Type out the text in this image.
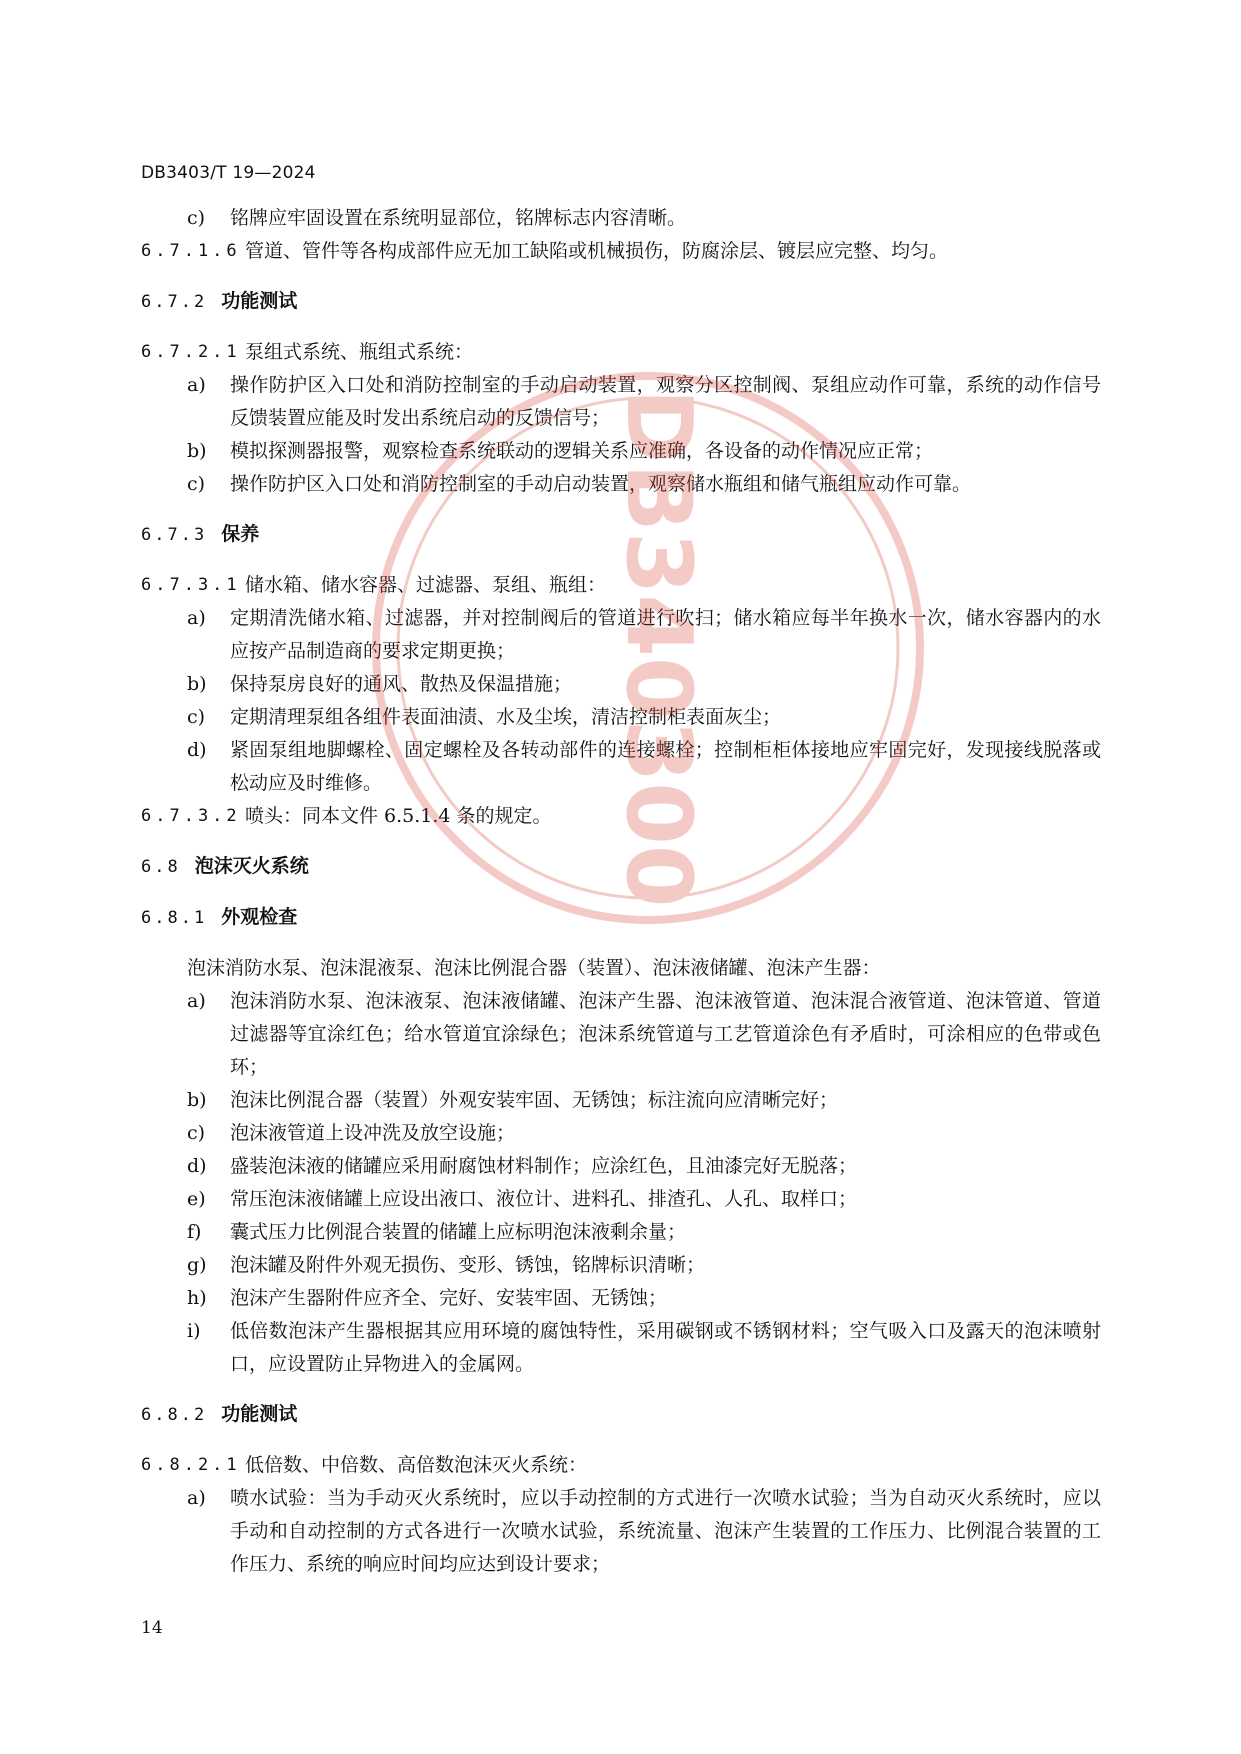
DB3403/T 19—2024
c) 铭牌应牢固设置在系统明显部位，铭牌标志内容清晰。
6.7.1.6 管道、管件等各构成部件应无加工缺陷或机械损伤，防腐涂层、镀层应完整、均匀。
6.7.2 功能测试
6.7.2.1 泵组式系统、瓶组式系统：
a) 操作防护区入口处和消防控制室的手动启动装置，观察分区控制阀、泵组应动作可靠，系统的动作信号反馈装置应能及时发出系统启动的反馈信号；
b) 模拟探测器报警，观察检查系统联动的逻辑关系应准确，各设备的动作情况应正常；
c) 操作防护区入口处和消防控制室的手动启动装置，观察储水瓶组和储气瓶组应动作可靠。
6.7.3 保养
6.7.3.1 储水箱、储水容器、过滤器、泵组、瓶组：
a) 定期清洗储水箱、过滤器，并对控制阀后的管道进行吹扫；储水箱应每半年换水一次，储水容器内的水应按产品制造商的要求定期更换；
b) 保持泵房良好的通风、散热及保温措施；
c) 定期清理泵组各组件表面油渍、水及尘埃，清洁控制柜表面灰尘；
d) 紧固泵组地脚螺栓、固定螺栓及各转动部件的连接螺栓；控制柜柜体接地应牢固完好，发现接线脱落或松动应及时维修。
6.7.3.2 喷头：同本文件 6.5.1.4 条的规定。
6.8 泡沫灭火系统
6.8.1 外观检查
泡沫消防水泵、泡沫混液泵、泡沫比例混合器（装置）、泡沫液储罐、泡沫产生器：
a) 泡沫消防水泵、泡沫液泵、泡沫液储罐、泡沫产生器、泡沫液管道、泡沫混合液管道、泡沫管道、管道过滤器等宜涂红色；给水管道宜涂绿色；泡沫系统管道与工艺管道涂色有矛盾时，可涂相应的色带或色环；
b) 泡沫比例混合器（装置）外观安装牢固、无锈蚀；标注流向应清晰完好；
c) 泡沫液管道上设冲洗及放空设施；
d) 盛装泡沫液的储罐应采用耐腐蚀材料制作；应涂红色，且油漆完好无脱落；
e) 常压泡沫液储罐上应设出液口、液位计、进料孔、排渣孔、人孔、取样口；
f) 囊式压力比例混合装置的储罐上应标明泡沫液剩余量；
g) 泡沫罐及附件外观无损伤、变形、锈蚀，铭牌标识清晰；
h) 泡沫产生器附件应齐全、完好、安装牢固、无锈蚀；
i) 低倍数泡沫产生器根据其应用环境的腐蚀特性，采用碳钢或不锈钢材料；空气吸入口及露天的泡沫喷射口，应设置防止异物进入的金属网。
6.8.2 功能测试
6.8.2.1 低倍数、中倍数、高倍数泡沫灭火系统：
a) 喷水试验：当为手动灭火系统时，应以手动控制的方式进行一次喷水试验；当为自动灭火系统时，应以手动和自动控制的方式各进行一次喷水试验，系统流量、泡沫产生装置的工作压力、比例混合装置的工作压力、系统的响应时间均应达到设计要求；
14
DB340300
